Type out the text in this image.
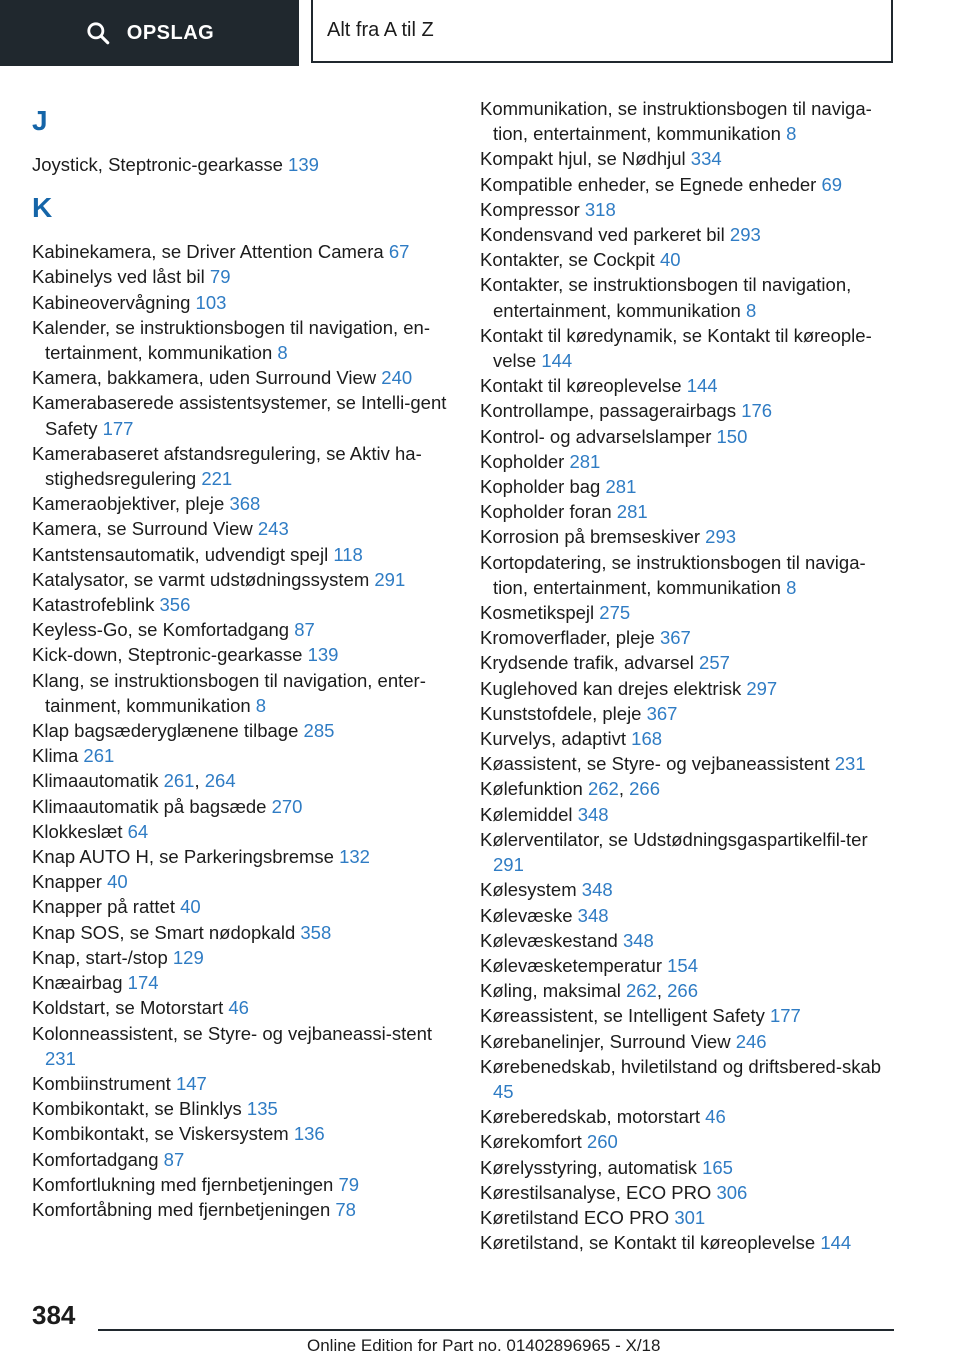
OPSLAG	Alt fra A til Z
J
Joystick, Steptronic-gearkasse 139
K
Kabinekamera, se Driver Attention Camera 67
Kabinelys ved låst bil 79
Kabineovervågning 103
Kalender, se instruktionsbogen til navigation, en‐tertainment, kommunikation 8
Kamera, bakkamera, uden Surround View 240
Kamerabaserede assistentsystemer, se Intelli‐gent Safety 177
Kamerabaseret afstandsregulering, se Aktiv ha‐stighedsregulering 221
Kameraobjektiver, pleje 368
Kamera, se Surround View 243
Kantstensautomatik, udvendigt spejl 118
Katalysator, se varmt udstødningssystem 291
Katastrofeblink 356
Keyless-Go, se Komfortadgang 87
Kick-down, Steptronic-gearkasse 139
Klang, se instruktionsbogen til navigation, enter‐tainment, kommunikation 8
Klap bagsæderyglænene tilbage 285
Klima 261
Klimaautomatik 261, 264
Klimaautomatik på bagsæde 270
Klokkeslæt 64
Knap AUTO H, se Parkeringsbremse 132
Knapper 40
Knapper på rattet 40
Knap SOS, se Smart nødopkald 358
Knap, start-/stop 129
Knæairbag 174
Koldstart, se Motorstart 46
Kolonneassistent, se Styre- og vejbaneassi‐stent 231
Kombiinstrument 147
Kombikontakt, se Blinklys 135
Kombikontakt, se Viskersystem 136
Komfortadgang 87
Komfortlukning med fjernbetjeningen 79
Komfortåbning med fjernbetjeningen 78
Kommunikation, se instruktionsbogen til naviga‐tion, entertainment, kommunikation 8
Kompakt hjul, se Nødhjul 334
Kompatible enheder, se Egnede enheder 69
Kompressor 318
Kondensvand ved parkeret bil 293
Kontakter, se Cockpit 40
Kontakter, se instruktionsbogen til navigation, entertainment, kommunikation 8
Kontakt til køredynamik, se Kontakt til køreople‐velse 144
Kontakt til køreoplevelse 144
Kontrollampe, passagerairbags 176
Kontrol- og advarselslamper 150
Kopholder 281
Kopholder bag 281
Kopholder foran 281
Korrosion på bremseskiver 293
Kortopdatering, se instruktionsbogen til naviga‐tion, entertainment, kommunikation 8
Kosmetikspejl 275
Kromoverflader, pleje 367
Krydsende trafik, advarsel 257
Kuglehoved kan drejes elektrisk 297
Kunststofdele, pleje 367
Kurvelys, adaptivt 168
Køassistent, se Styre- og vejbaneassistent 231
Kølefunktion 262, 266
Kølemiddel 348
Kølerventilator, se Udstødningsgaspartikelfil‐ter 291
Kølesystem 348
Kølevæske 348
Kølevæskestand 348
Kølevæsketemperatur 154
Køling, maksimal 262, 266
Køreassistent, se Intelligent Safety 177
Kørebanelinjer, Surround View 246
Kørebenedskab, hviletilstand og driftsbered‐skab 45
Køreberedskab, motorstart 46
Kørekomfort 260
Kørelysstyring, automatisk 165
Kørestilsanalyse, ECO PRO 306
Køretilstand ECO PRO 301
Køretilstand, se Kontakt til køreoplevelse 144
384
Online Edition for Part no. 01402896965 - X/18
